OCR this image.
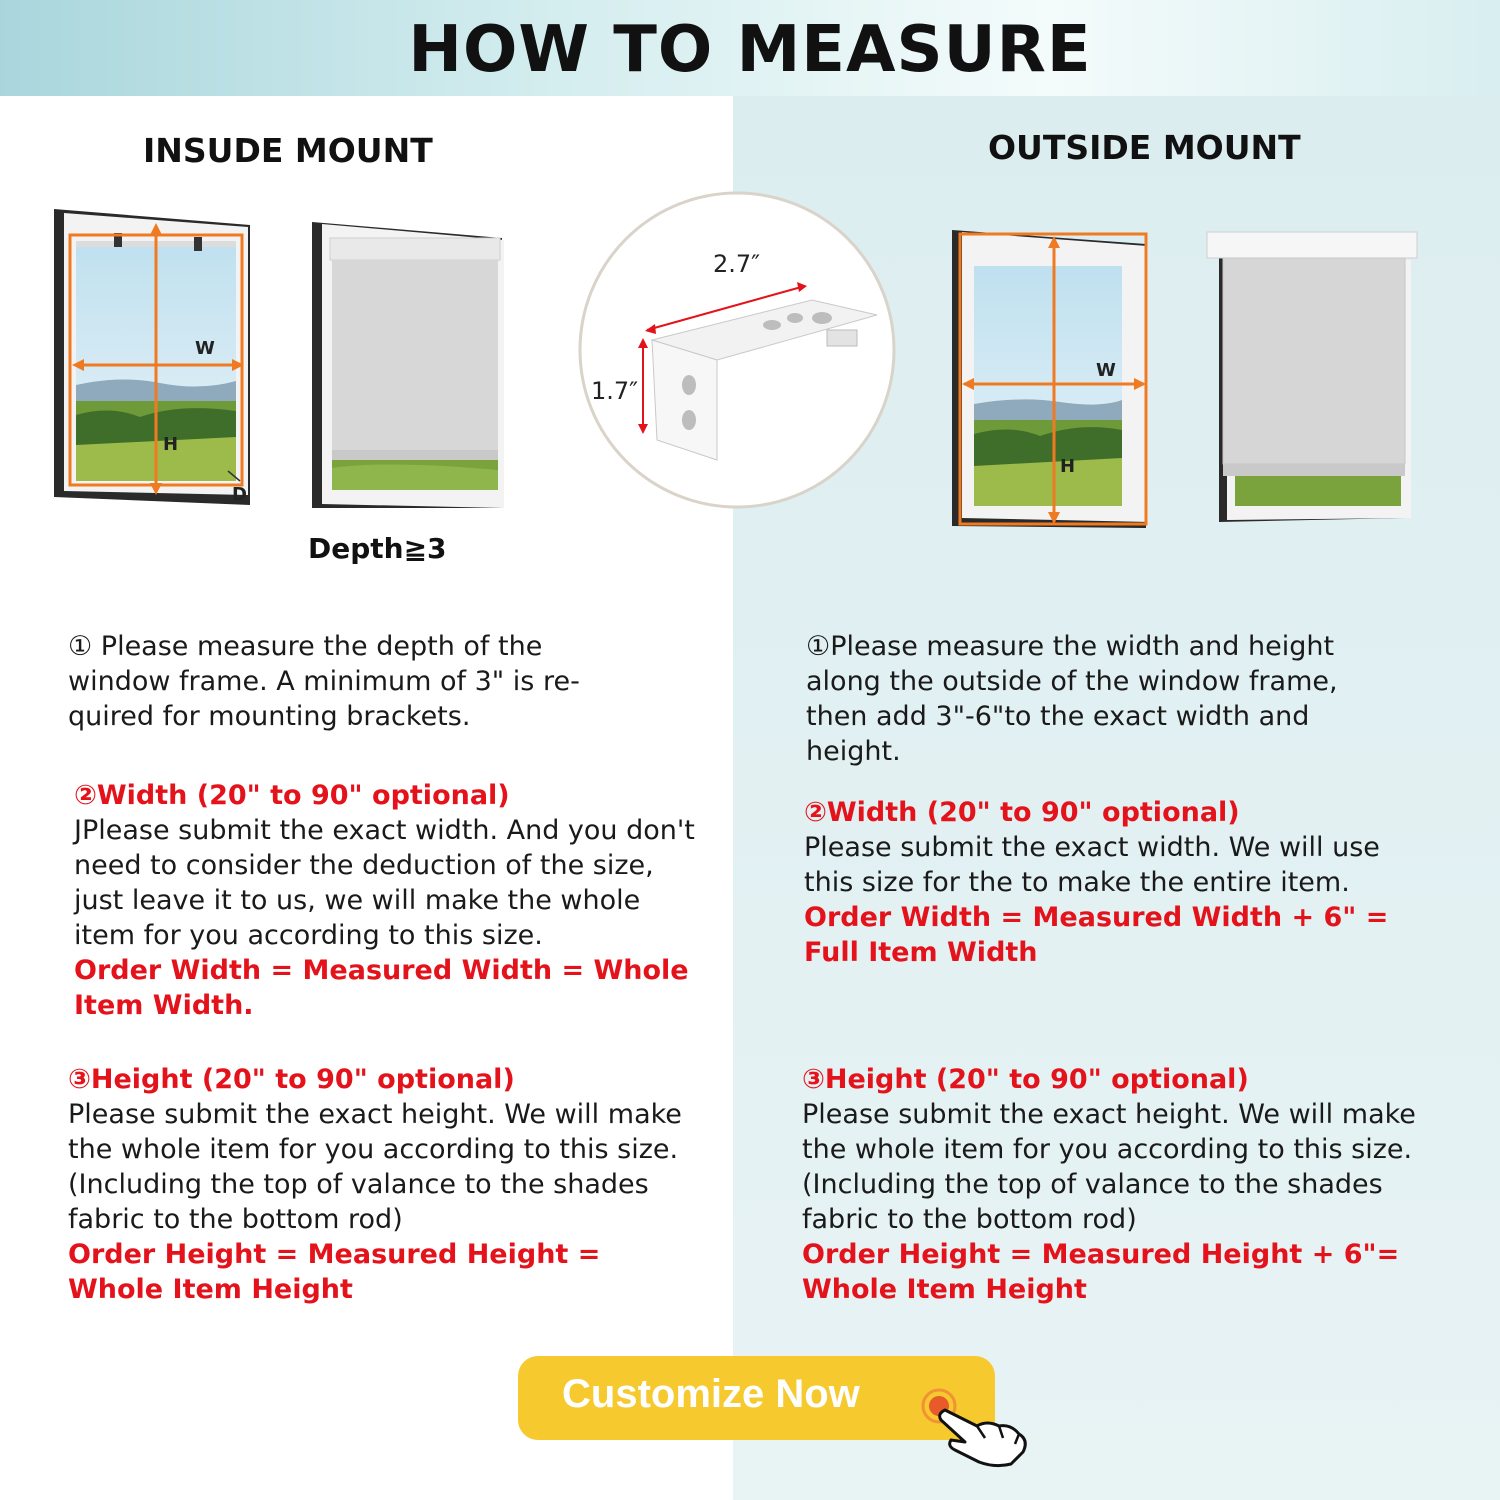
HOW TO MEASURE
INSUDE MOUNT	OUTSIDE MOUNT
W
H
D
Depth≧3
2.7″
1.7″
W
H
① Please measure the depth of the window frame. A minimum of 3" is re-quired for mounting brackets.

②Width (20" to 90" optional)

JPlease submit the exact width. And you don't need to consider the deduction of the size, just leave it to us, we will make the whole item for you according to this size.

Order Width = Measured Width = Whole Item Width.

③Height (20" to 90" optional)

Please submit the exact height. We will make the whole item for you according to this size. (Including the top of valance to the shades fabric to the bottom rod)

Order Height = Measured Height = Whole Item Height

①Please measure the width and height along the outside of the window frame, then add 3"-6"to the exact width and height.

②Width (20" to 90" optional)

Please submit the exact width. We will use this size for the to make the entire item.

Order Width = Measured Width + 6" = Full Item Width

③Height (20" to 90" optional)

Please submit the exact height. We will make the whole item for you according to this size. (Including the top of valance to the shades fabric to the bottom rod)

Order Height = Measured Height + 6"= Whole Item Height

Customize Now
